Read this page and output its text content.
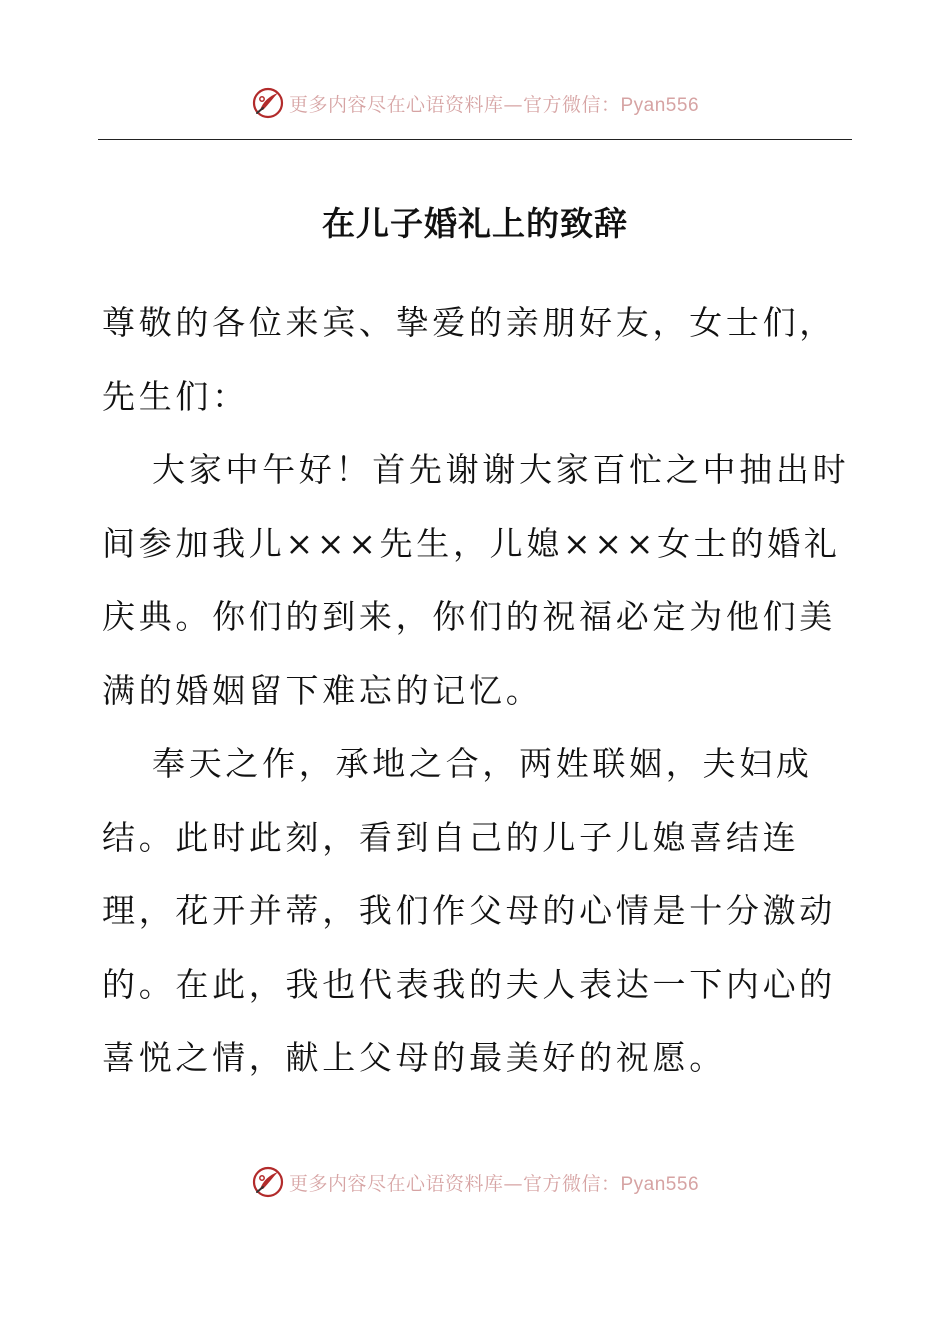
更多内容尽在心语资料库—官方微信：Pyan556
在儿子婚礼上的致辞

尊敬的各位来宾、挚爱的亲朋好友，女士们，先生们：

大家中午好！首先谢谢大家百忙之中抽出时间参加我儿×××先生，儿媳×××女士的婚礼庆典。你们的到来，你们的祝福必定为他们美满的婚姻留下难忘的记忆。

奉天之作，承地之合，两姓联姻，夫妇成结。此时此刻，看到自己的儿子儿媳喜结连理，花开并蒂，我们作父母的心情是十分激动的。在此，我也代表我的夫人表达一下内心的喜悦之情，献上父母的最美好的祝愿。

更多内容尽在心语资料库—官方微信：Pyan556
